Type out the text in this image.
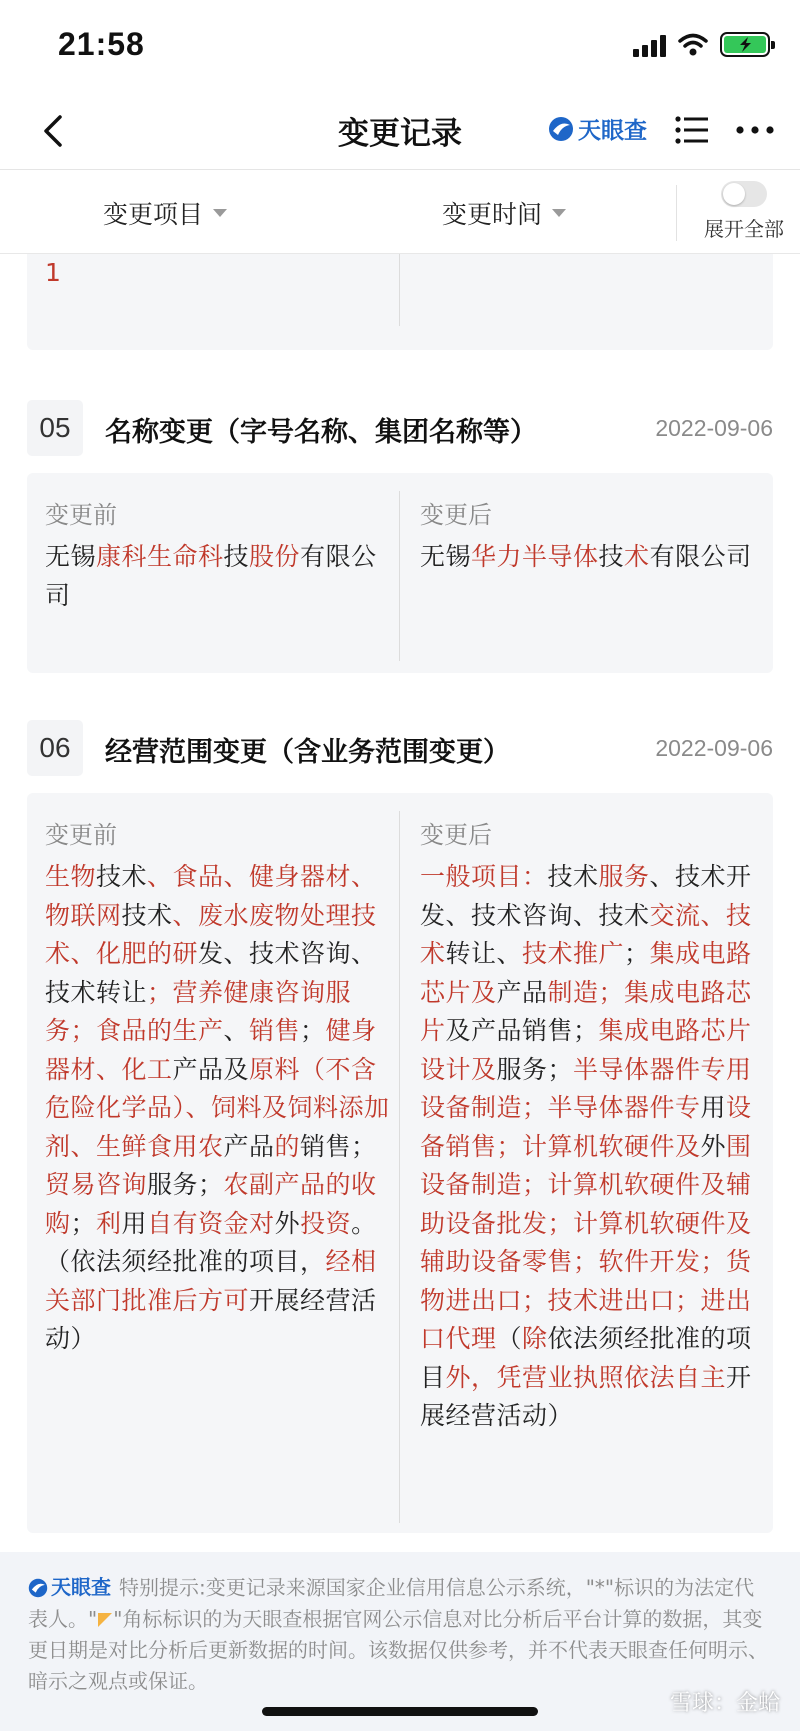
21:58
变更记录	天眼查
变更项目	变更时间	展开全部
1
05	名称变更（字号名称、集团名称等）	2022-09-06
变更前
无锡康科生命科技股份有限公司
变更后
无锡华力半导体技术有限公司
06	经营范围变更（含业务范围变更）	2022-09-06
变更前
生物技术、食品、健身器材、物联网技术、废水废物处理技术、化肥的研发、技术咨询、技术转让；营养健康咨询服务；食品的生产、销售；健身器材、化工产品及原料（不含危险化学品）、饲料及饲料添加剂、生鲜食用农产品的销售；贸易咨询服务；农副产品的收购；利用自有资金对外投资。（依法须经批准的项目，经相关部门批准后方可开展经营活动）
变更后
一般项目：技术服务、技术开发、技术咨询、技术交流、技术转让、技术推广；集成电路芯片及产品制造；集成电路芯片及产品销售；集成电路芯片设计及服务；半导体器件专用设备制造；半导体器件专用设备销售；计算机软硬件及外围设备制造；计算机软硬件及辅助设备批发；计算机软硬件及辅助设备零售；软件开发；货物进出口；技术进出口；进出口代理（除依法须经批准的项目外，凭营业执照依法自主开展经营活动）
天眼查 特别提示:变更记录来源国家企业信用信息公示系统，"*"标识的为法定代表人。" "角标标识的为天眼查根据官网公示信息对比分析后平台计算的数据，其变更日期是对比分析后更新数据的时间。该数据仅供参考，并不代表天眼查任何明示、暗示之观点或保证。
雪球：金蛤
